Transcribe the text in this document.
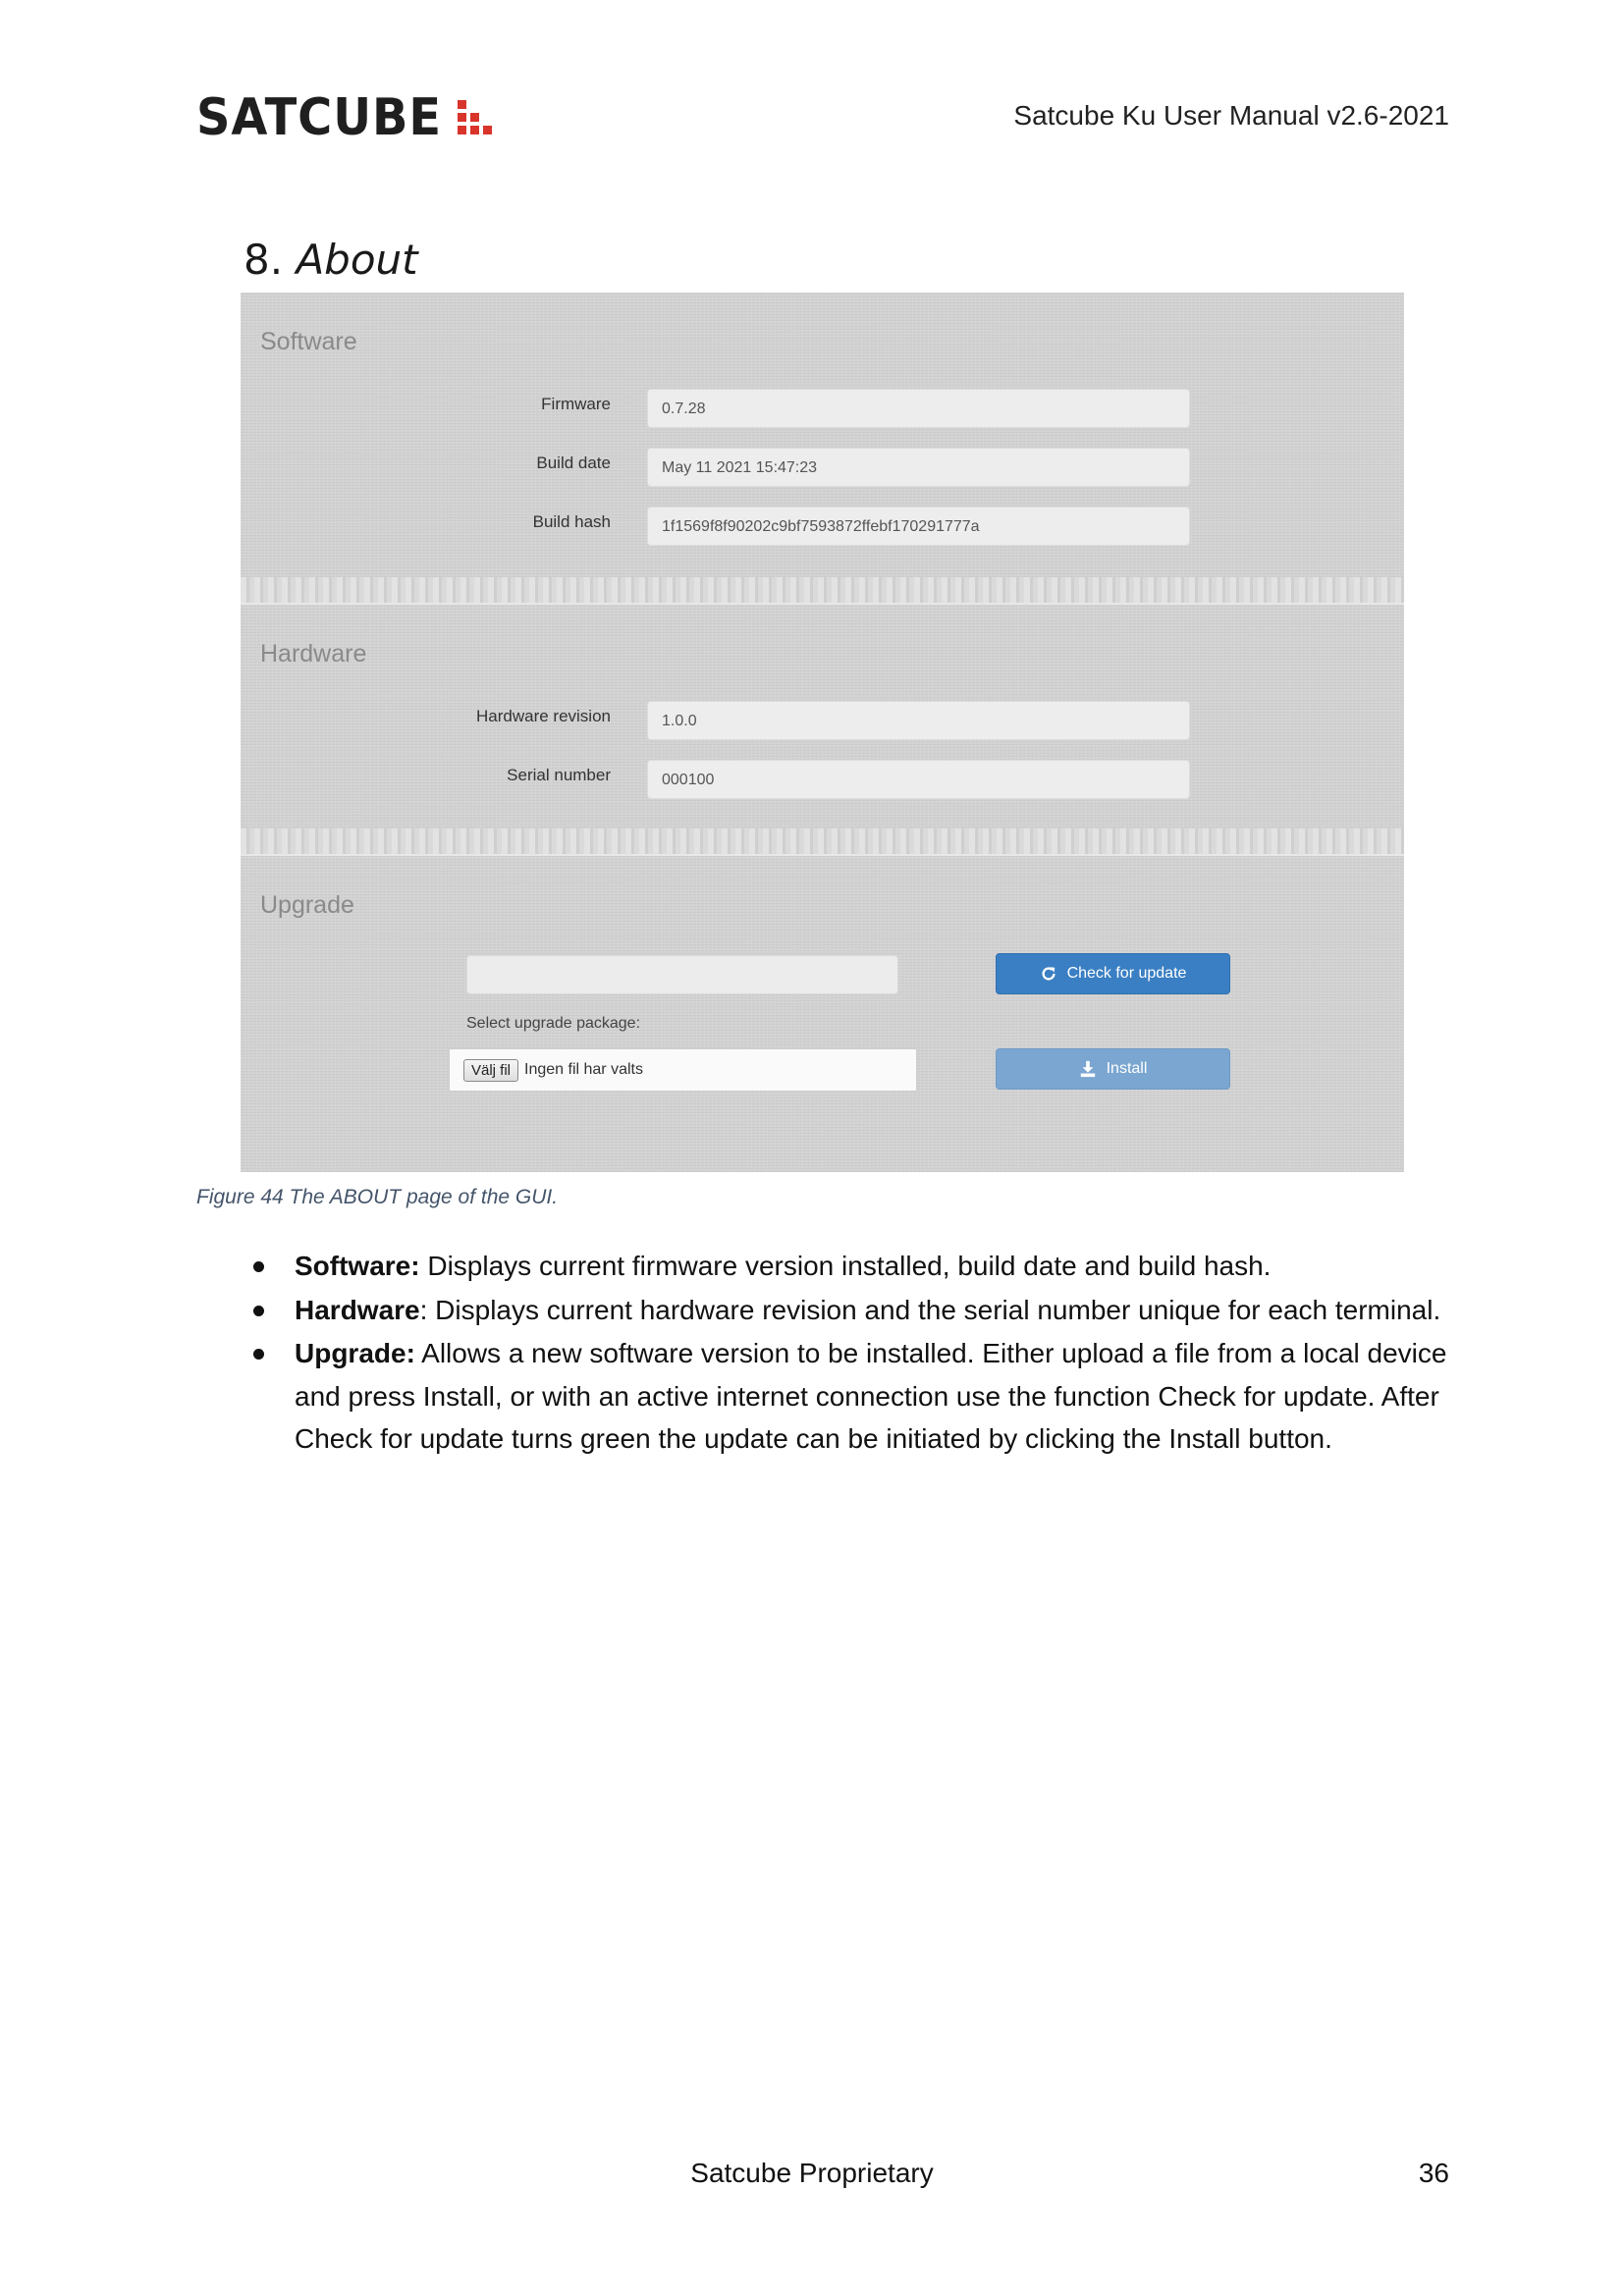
SATCUBE	Satcube Ku User Manual v2.6-2021
8. About
Software
Firmware	0.7.28
Build date	May 11 2021 15:47:23
Build hash	1f1569f8f90202c9bf7593872ffebf170291777a
Hardware
Hardware revision	1.0.0
Serial number	000100
Upgrade
Check for update
Select upgrade package:
Välj fil Ingen fil har valts	Install
Figure 44 The ABOUT page of the GUI.
Software: Displays current firmware version installed, build date and build hash.
Hardware: Displays current hardware revision and the serial number unique for each terminal.
Upgrade: Allows a new software version to be installed. Either upload a file from a local device and press Install, or with an active internet connection use the function Check for update. After Check for update turns green the update can be initiated by clicking the Install button.
Satcube Proprietary	36
